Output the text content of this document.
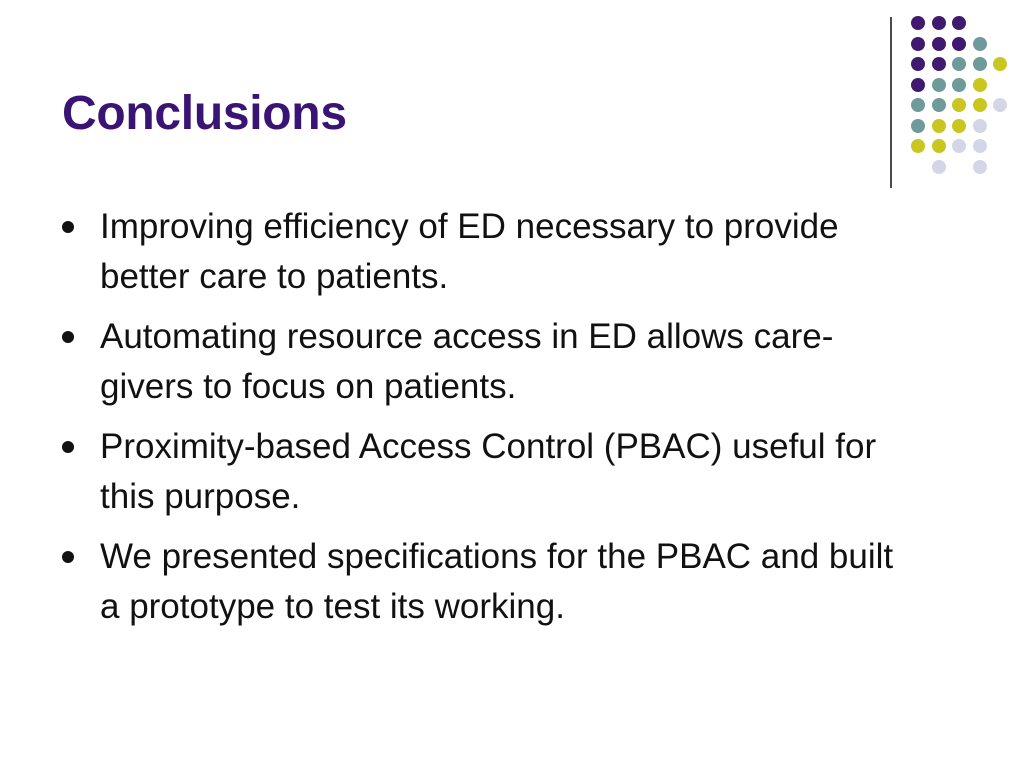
Conclusions
Improving efficiency of ED necessary to provide better care to patients.
Automating resource access in ED allows care-givers to focus on patients.
Proximity-based Access Control (PBAC) useful for this purpose.
We presented specifications for the PBAC and built a prototype to test its working.
